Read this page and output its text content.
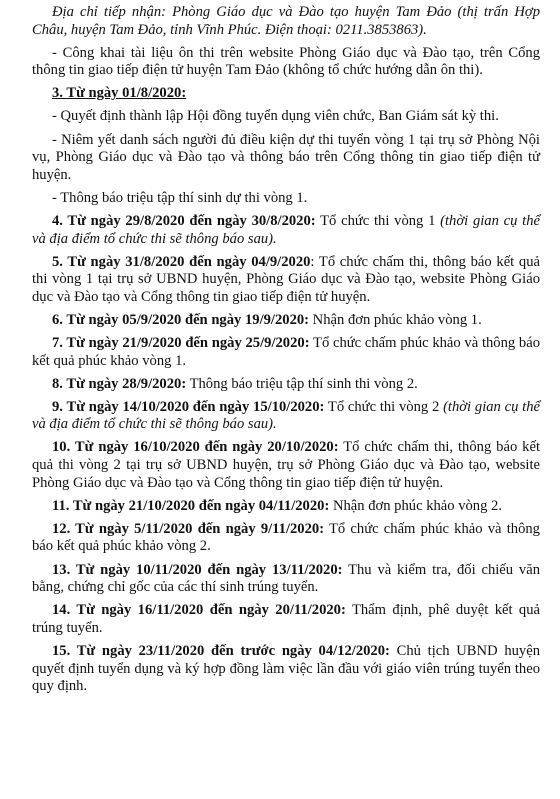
Địa chỉ tiếp nhận: Phòng Giáo dục và Đào tạo huyện Tam Đảo (thị trấn Hợp Châu, huyện Tam Đảo, tỉnh Vĩnh Phúc. Điện thoại: 0211.3853863).

- Công khai tài liệu ôn thi trên website Phòng Giáo dục và Đào tạo, trên Cổng thông tin giao tiếp điện tử huyện Tam Đảo (không tổ chức hướng dẫn ôn thi).

3. Từ ngày 01/8/2020:

- Quyết định thành lập Hội đồng tuyển dụng viên chức, Ban Giám sát kỳ thi.

- Niêm yết danh sách người đủ điều kiện dự thi tuyển vòng 1 tại trụ sở Phòng Nội vụ, Phòng Giáo dục và Đào tạo và thông báo trên Cổng thông tin giao tiếp điện tử huyện.

- Thông báo triệu tập thí sinh dự thi vòng 1.

4. Từ ngày 29/8/2020 đến ngày 30/8/2020: Tổ chức thi vòng 1 (thời gian cụ thể và địa điểm tổ chức thi sẽ thông báo sau).

5. Từ ngày 31/8/2020 đến ngày 04/9/2020: Tổ chức chấm thi, thông báo kết quả thi vòng 1 tại trụ sở UBND huyện, Phòng Giáo dục và Đào tạo, website Phòng Giáo dục và Đào tạo và Cổng thông tin giao tiếp điện tử huyện.

6. Từ ngày 05/9/2020 đến ngày 19/9/2020: Nhận đơn phúc khảo vòng 1.

7. Từ ngày 21/9/2020 đến ngày 25/9/2020: Tổ chức chấm phúc khảo và thông báo kết quả phúc khảo vòng 1.

8. Từ ngày 28/9/2020: Thông báo triệu tập thí sinh thi vòng 2.

9. Từ ngày 14/10/2020 đến ngày 15/10/2020: Tổ chức thi vòng 2 (thời gian cụ thể và địa điểm tổ chức thi sẽ thông báo sau).

10. Từ ngày 16/10/2020 đến ngày 20/10/2020: Tổ chức chấm thi, thông báo kết quả thi vòng 2 tại trụ sở UBND huyện, trụ sở Phòng Giáo dục và Đào tạo, website Phòng Giáo dục và Đào tạo và Cổng thông tin giao tiếp điện tử huyện.

11. Từ ngày 21/10/2020 đến ngày 04/11/2020: Nhận đơn phúc khảo vòng 2.

12. Từ ngày 5/11/2020 đến ngày 9/11/2020: Tổ chức chấm phúc khảo và thông báo kết quả phúc khảo vòng 2.

13. Từ ngày 10/11/2020 đến ngày 13/11/2020: Thu và kiểm tra, đối chiếu văn bằng, chứng chỉ gốc của các thí sinh trúng tuyển.

14. Từ ngày 16/11/2020 đến ngày 20/11/2020: Thẩm định, phê duyệt kết quả trúng tuyển.

15. Từ ngày 23/11/2020 đến trước ngày 04/12/2020: Chủ tịch UBND huyện quyết định tuyển dụng và ký hợp đồng làm việc lần đầu với giáo viên trúng tuyển theo quy định.
